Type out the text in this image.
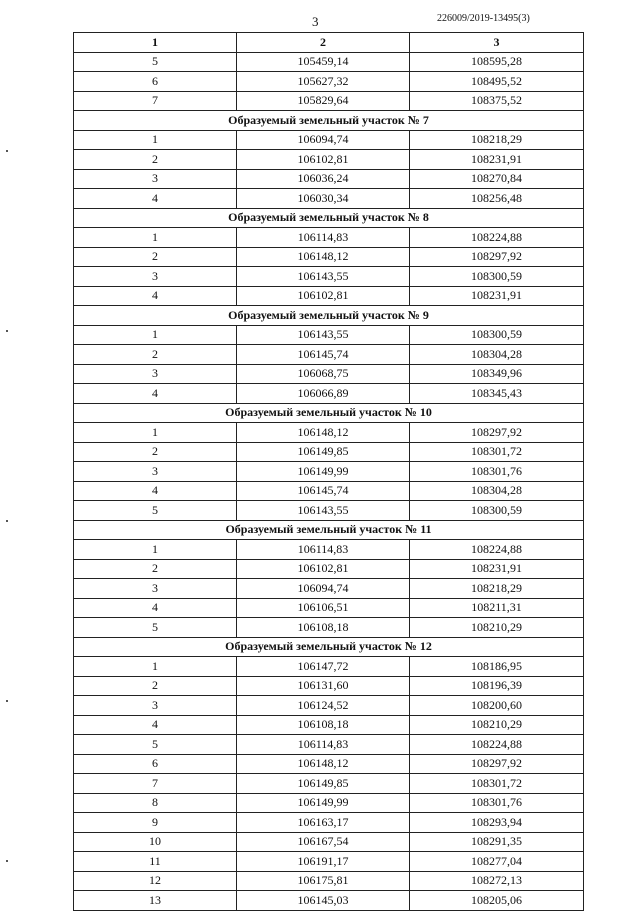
3	226009/2019-13495(3)
1	2	3
5	105459,14	108595,28
6	105627,32	108495,52
7	105829,64	108375,52
Образуемый земельный участок № 7		
1	106094,74	108218,29
2	106102,81	108231,91
3	106036,24	108270,84
4	106030,34	108256,48
Образуемый земельный участок № 8		
1	106114,83	108224,88
2	106148,12	108297,92
3	106143,55	108300,59
4	106102,81	108231,91
Образуемый земельный участок № 9		
1	106143,55	108300,59
2	106145,74	108304,28
3	106068,75	108349,96
4	106066,89	108345,43
Образуемый земельный участок № 10		
1	106148,12	108297,92
2	106149,85	108301,72
3	106149,99	108301,76
4	106145,74	108304,28
5	106143,55	108300,59
Образуемый земельный участок № 11		
1	106114,83	108224,88
2	106102,81	108231,91
3	106094,74	108218,29
4	106106,51	108211,31
5	106108,18	108210,29
Образуемый земельный участок № 12		
1	106147,72	108186,95
2	106131,60	108196,39
3	106124,52	108200,60
4	106108,18	108210,29
5	106114,83	108224,88
6	106148,12	108297,92
7	106149,85	108301,72
8	106149,99	108301,76
9	106163,17	108293,94
10	106167,54	108291,35
11	106191,17	108277,04
12	106175,81	108272,13
13	106145,03	108205,06
